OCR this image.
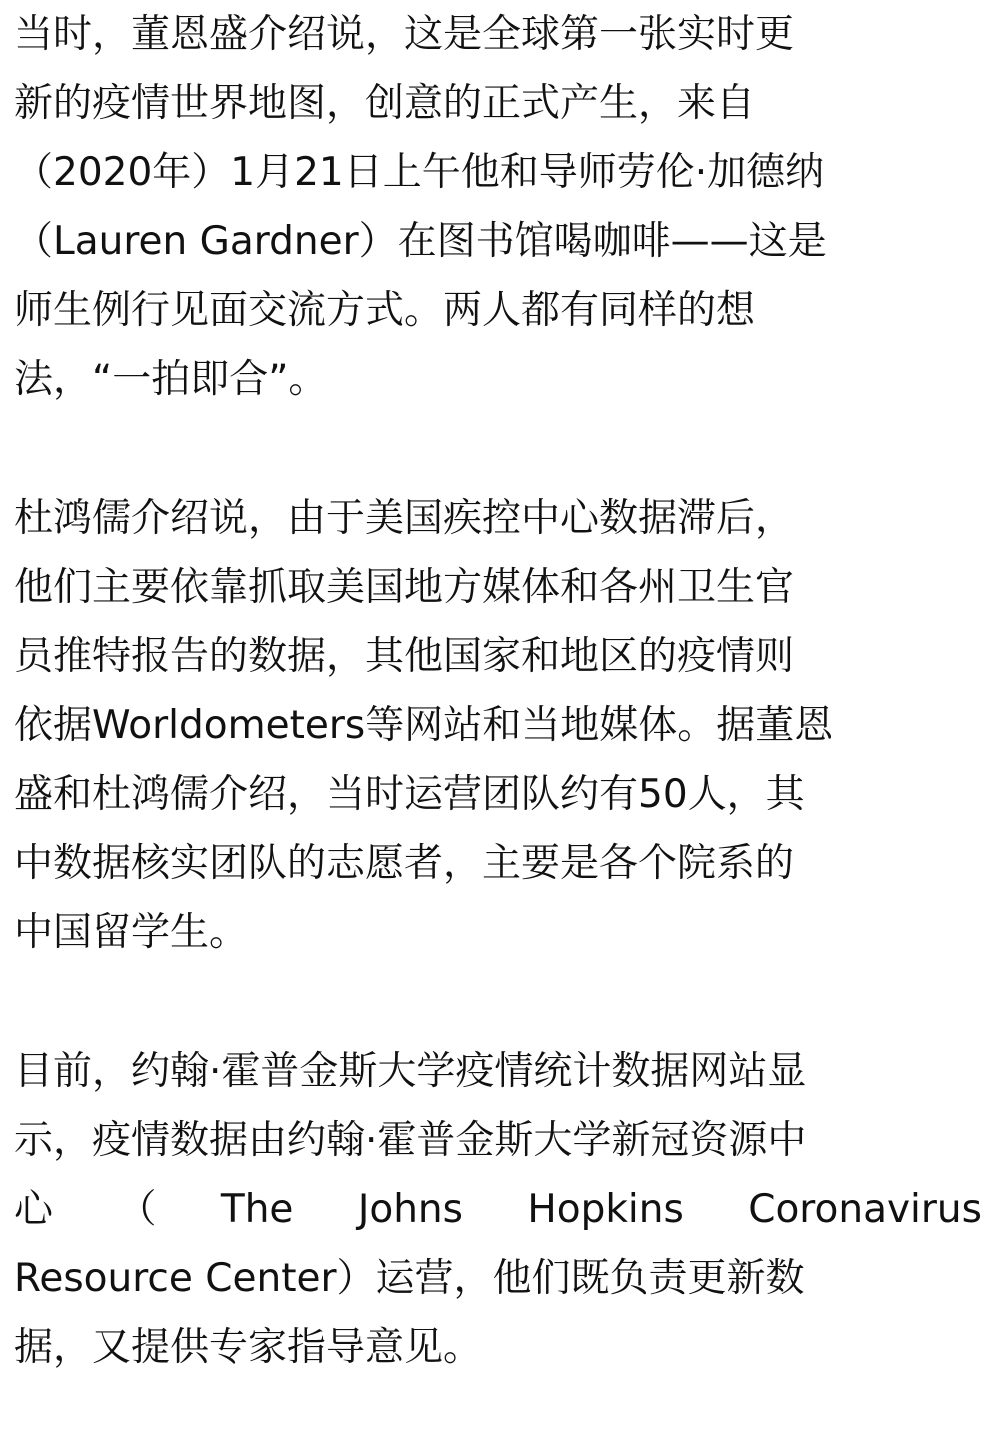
当时，董恩盛介绍说，这是全球第一张实时更
新的疫情世界地图，创意的正式产生，来自
（2020年）1月21日上午他和导师劳伦·加德纳
（Lauren Gardner）在图书馆喝咖啡——这是
师生例行见面交流方式。两人都有同样的想
法，“一拍即合”。
杜鸿儒介绍说，由于美国疾控中心数据滞后，
他们主要依靠抓取美国地方媒体和各州卫生官
员推特报告的数据，其他国家和地区的疫情则
依据Worldometers等网站和当地媒体。据董恩
盛和杜鸿儒介绍，当时运营团队约有50人，其
中数据核实团队的志愿者，主要是各个院系的
中国留学生。
目前，约翰·霍普金斯大学疫情统计数据网站显
示，疫情数据由约翰·霍普金斯大学新冠资源中
心 （ The Johns Hopkins Coronavirus
Resource Center）运营，他们既负责更新数
据，又提供专家指导意见。
